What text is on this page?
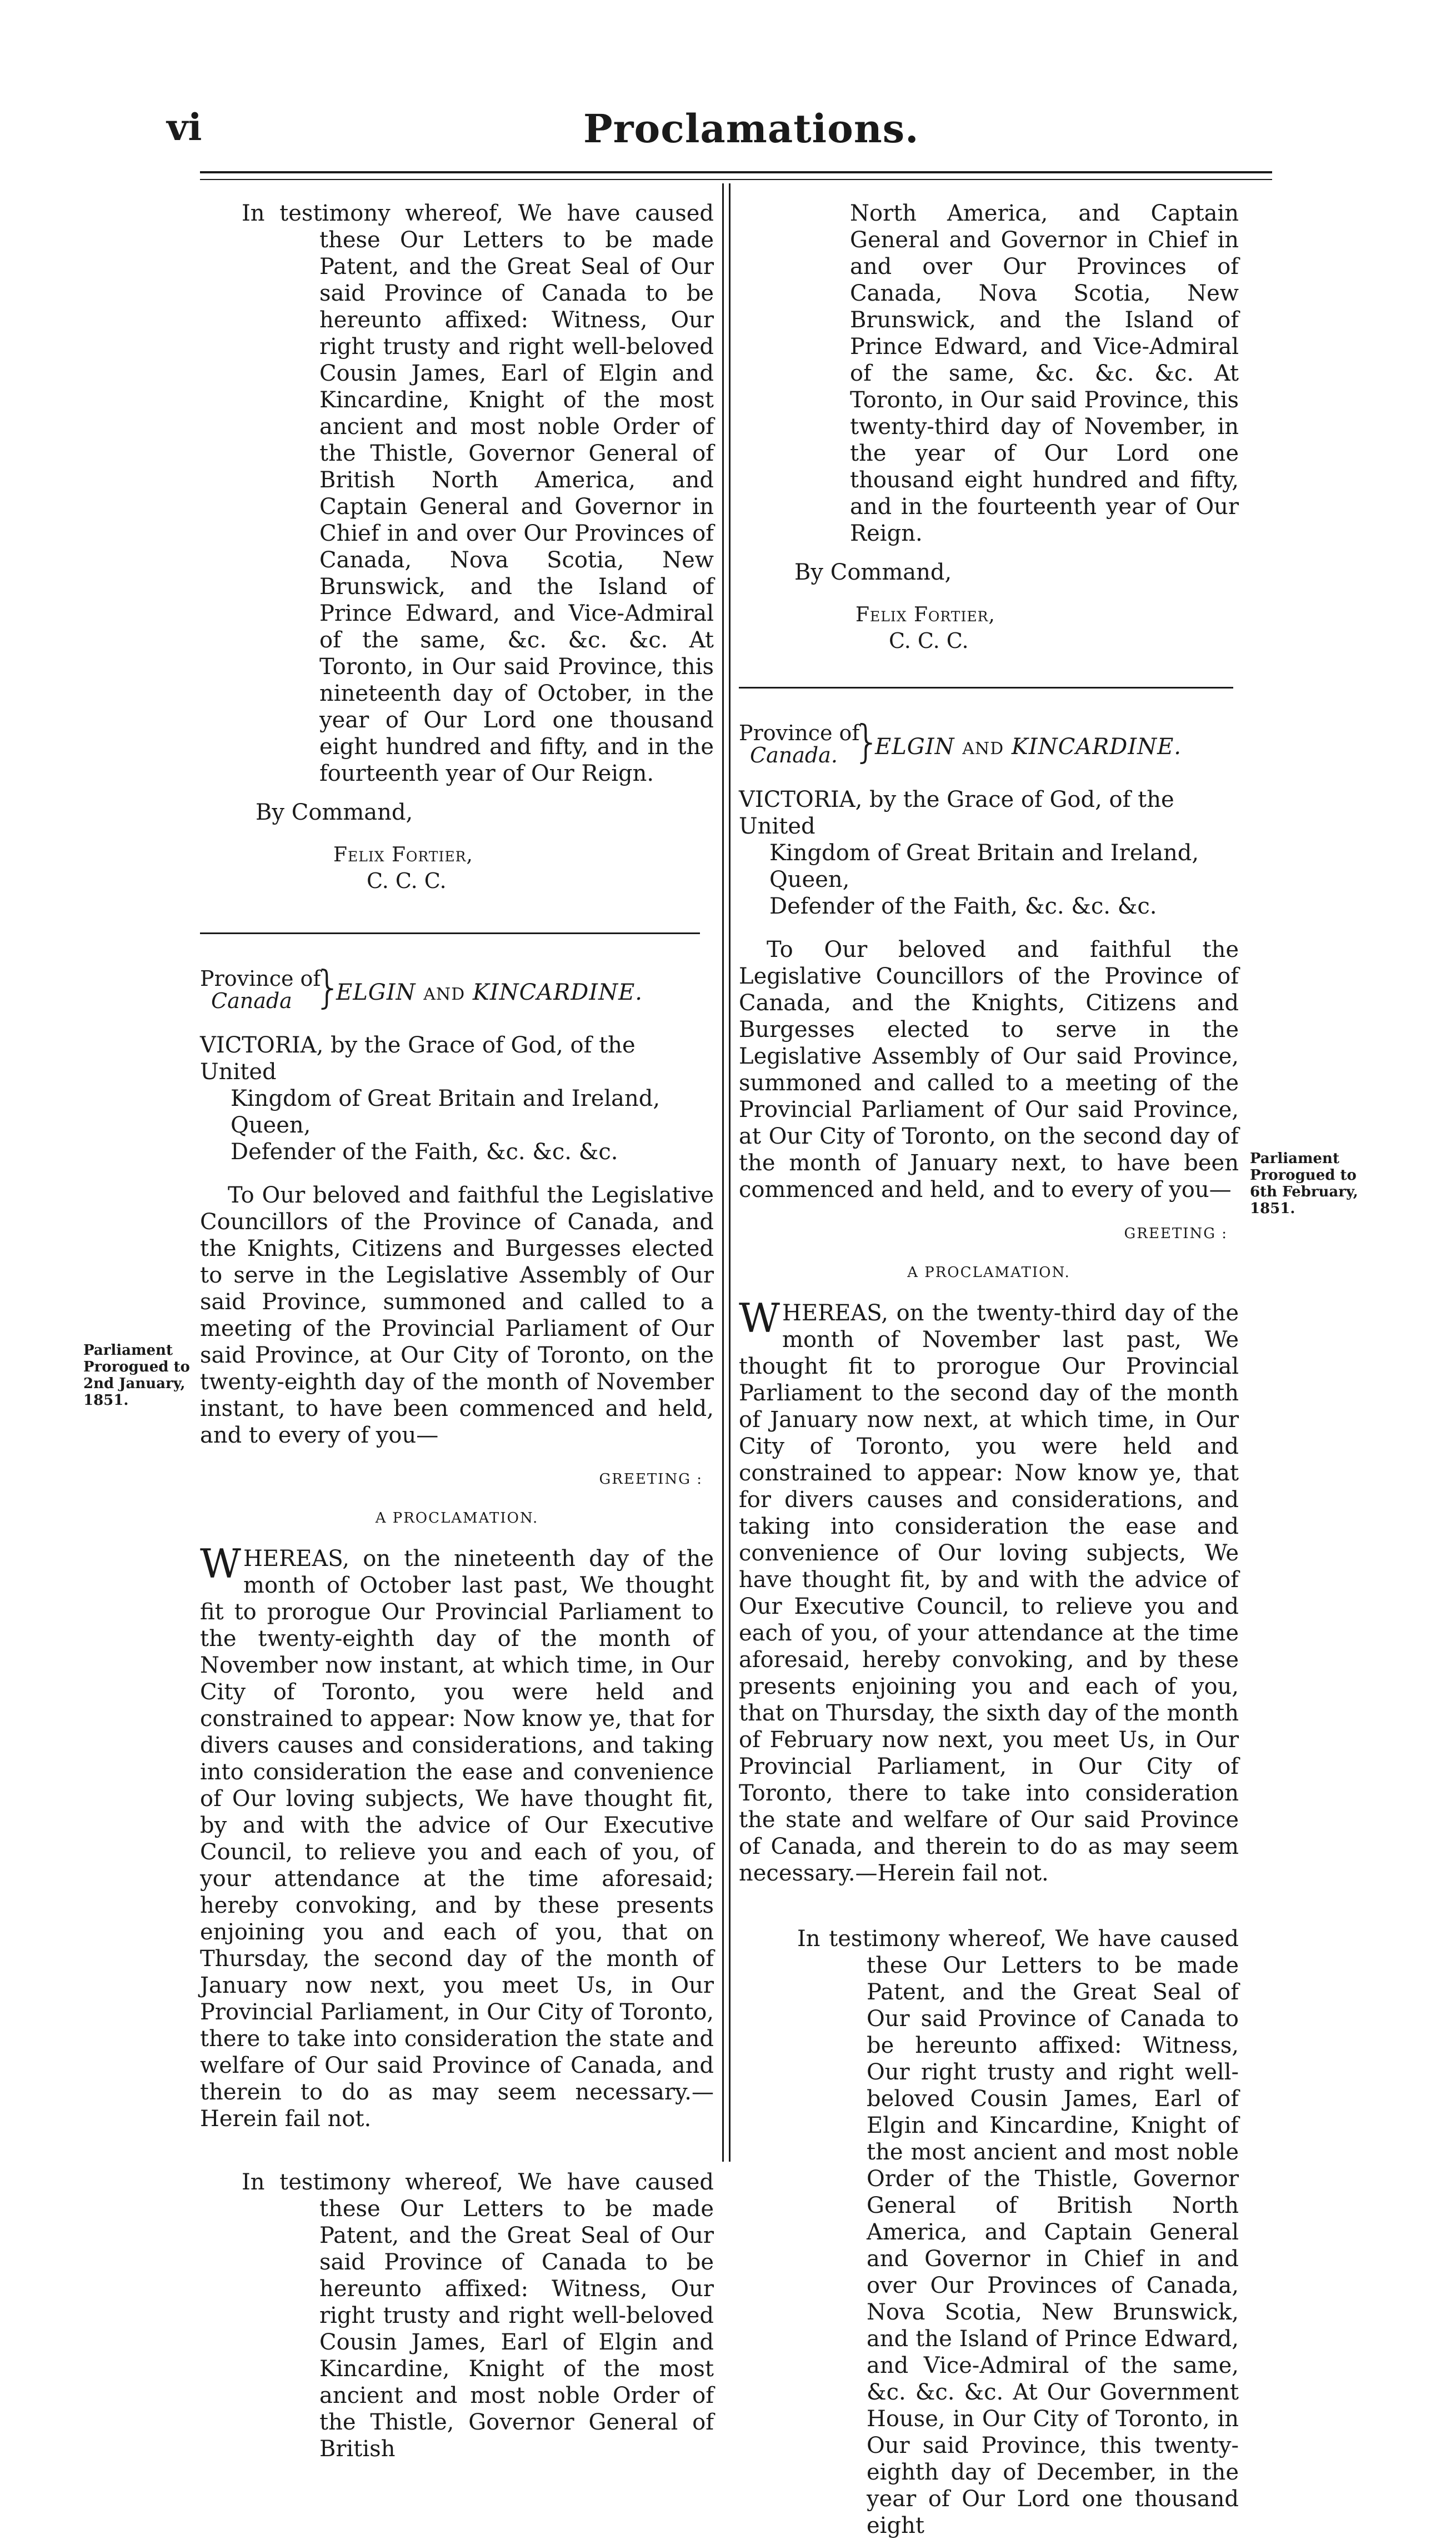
vi	Proclamations.

In testimony whereof, We have caused these Our Letters to be made Patent, and the Great Seal of Our said Province of Canada to be hereunto affixed: Witness, Our right trusty and right well-beloved Cousin James, Earl of Elgin and Kincardine, Knight of the most ancient and most noble Order of the Thistle, Governor General of British North America, and Captain General and Governor in Chief in and over Our Provinces of Canada, Nova Scotia, New Brunswick, and the Island of Prince Edward, and Vice-Admiral of the same, &c. &c. &c. At Toronto, in Our said Province, this nineteenth day of October, in the year of Our Lord one thousand eight hundred and fifty, and in the fourteenth year of Our Reign.

By Command,
Felix Fortier,
C. C. C.
Province of
Canada }
ELGIN AND KINCARDINE.
VICTORIA, by the Grace of God, of the United
Kingdom of Great Britain and Ireland, Queen,
Defender of the Faith, &c. &c. &c.

To Our beloved and faithful the Legislative Councillors of the Province of Canada, and the Knights, Citizens and Burgesses elected to serve in the Legislative Assembly of Our said Province, summoned and called to a meeting of the Provincial Parliament of Our said Province, at Our City of Toronto, on the twenty-eighth day of the month of November instant, to have been commenced and held, and to every of you—

GREETING :
A PROCLAMATION.

WHEREAS, on the nineteenth day of the month of October last past, We thought fit to prorogue Our Provincial Parliament to the twenty-eighth day of the month of November now instant, at which time, in Our City of Toronto, you were held and constrained to appear: Now know ye, that for divers causes and considerations, and taking into consideration the ease and convenience of Our loving subjects, We have thought fit, by and with the advice of Our Executive Council, to relieve you and each of you, of your attendance at the time aforesaid; hereby convoking, and by these presents enjoining you and each of you, that on Thursday, the second day of the month of January now next, you meet Us, in Our Provincial Parliament, in Our City of Toronto, there to take into consideration the state and welfare of Our said Province of Canada, and therein to do as may seem necessary.—Herein fail not.

In testimony whereof, We have caused these Our Letters to be made Patent, and the Great Seal of Our said Province of Canada to be hereunto affixed: Witness, Our right trusty and right well-beloved Cousin James, Earl of Elgin and Kincardine, Knight of the most ancient and most noble Order of the Thistle, Governor General of British

Parliament
Prorogued to
2nd January,
1851.

North America, and Captain General and Governor in Chief in and over Our Provinces of Canada, Nova Scotia, New Brunswick, and the Island of Prince Edward, and Vice-Admiral of the same, &c. &c. &c. At Toronto, in Our said Province, this twenty-third day of November, in the year of Our Lord one thousand eight hundred and fifty, and in the fourteenth year of Our Reign.

By Command,
Felix Fortier,
C. C. C.
Province of
Canada. }
ELGIN AND KINCARDINE.
VICTORIA, by the Grace of God, of the United
Kingdom of Great Britain and Ireland, Queen,
Defender of the Faith, &c. &c. &c.

To Our beloved and faithful the Legislative Councillors of the Province of Canada, and the Knights, Citizens and Burgesses elected to serve in the Legislative Assembly of Our said Province, summoned and called to a meeting of the Provincial Parliament of Our said Province, at Our City of Toronto, on the second day of the month of January next, to have been commenced and held, and to every of you—

GREETING :
A PROCLAMATION.

WHEREAS, on the twenty-third day of the month of November last past, We thought fit to prorogue Our Provincial Parliament to the second day of the month of January now next, at which time, in Our City of Toronto, you were held and constrained to appear: Now know ye, that for divers causes and considerations, and taking into consideration the ease and convenience of Our loving subjects, We have thought fit, by and with the advice of Our Executive Council, to relieve you and each of you, of your attendance at the time aforesaid, hereby convoking, and by these presents enjoining you and each of you, that on Thursday, the sixth day of the month of February now next, you meet Us, in Our Provincial Parliament, in Our City of Toronto, there to take into consideration the state and welfare of Our said Province of Canada, and therein to do as may seem necessary.—Herein fail not.

In testimony whereof, We have caused these Our Letters to be made Patent, and the Great Seal of Our said Province of Canada to be hereunto affixed: Witness, Our right trusty and right well-beloved Cousin James, Earl of Elgin and Kincardine, Knight of the most ancient and most noble Order of the Thistle, Governor General of British North America, and Captain General and Governor in Chief in and over Our Provinces of Canada, Nova Scotia, New Brunswick, and the Island of Prince Edward, and Vice-Admiral of the same, &c. &c. &c. At Our Government House, in Our City of Toronto, in Our said Province, this twenty-eighth day of December, in the year of Our Lord one thousand eight

Parliament
Prorogued to
6th February,
1851.
